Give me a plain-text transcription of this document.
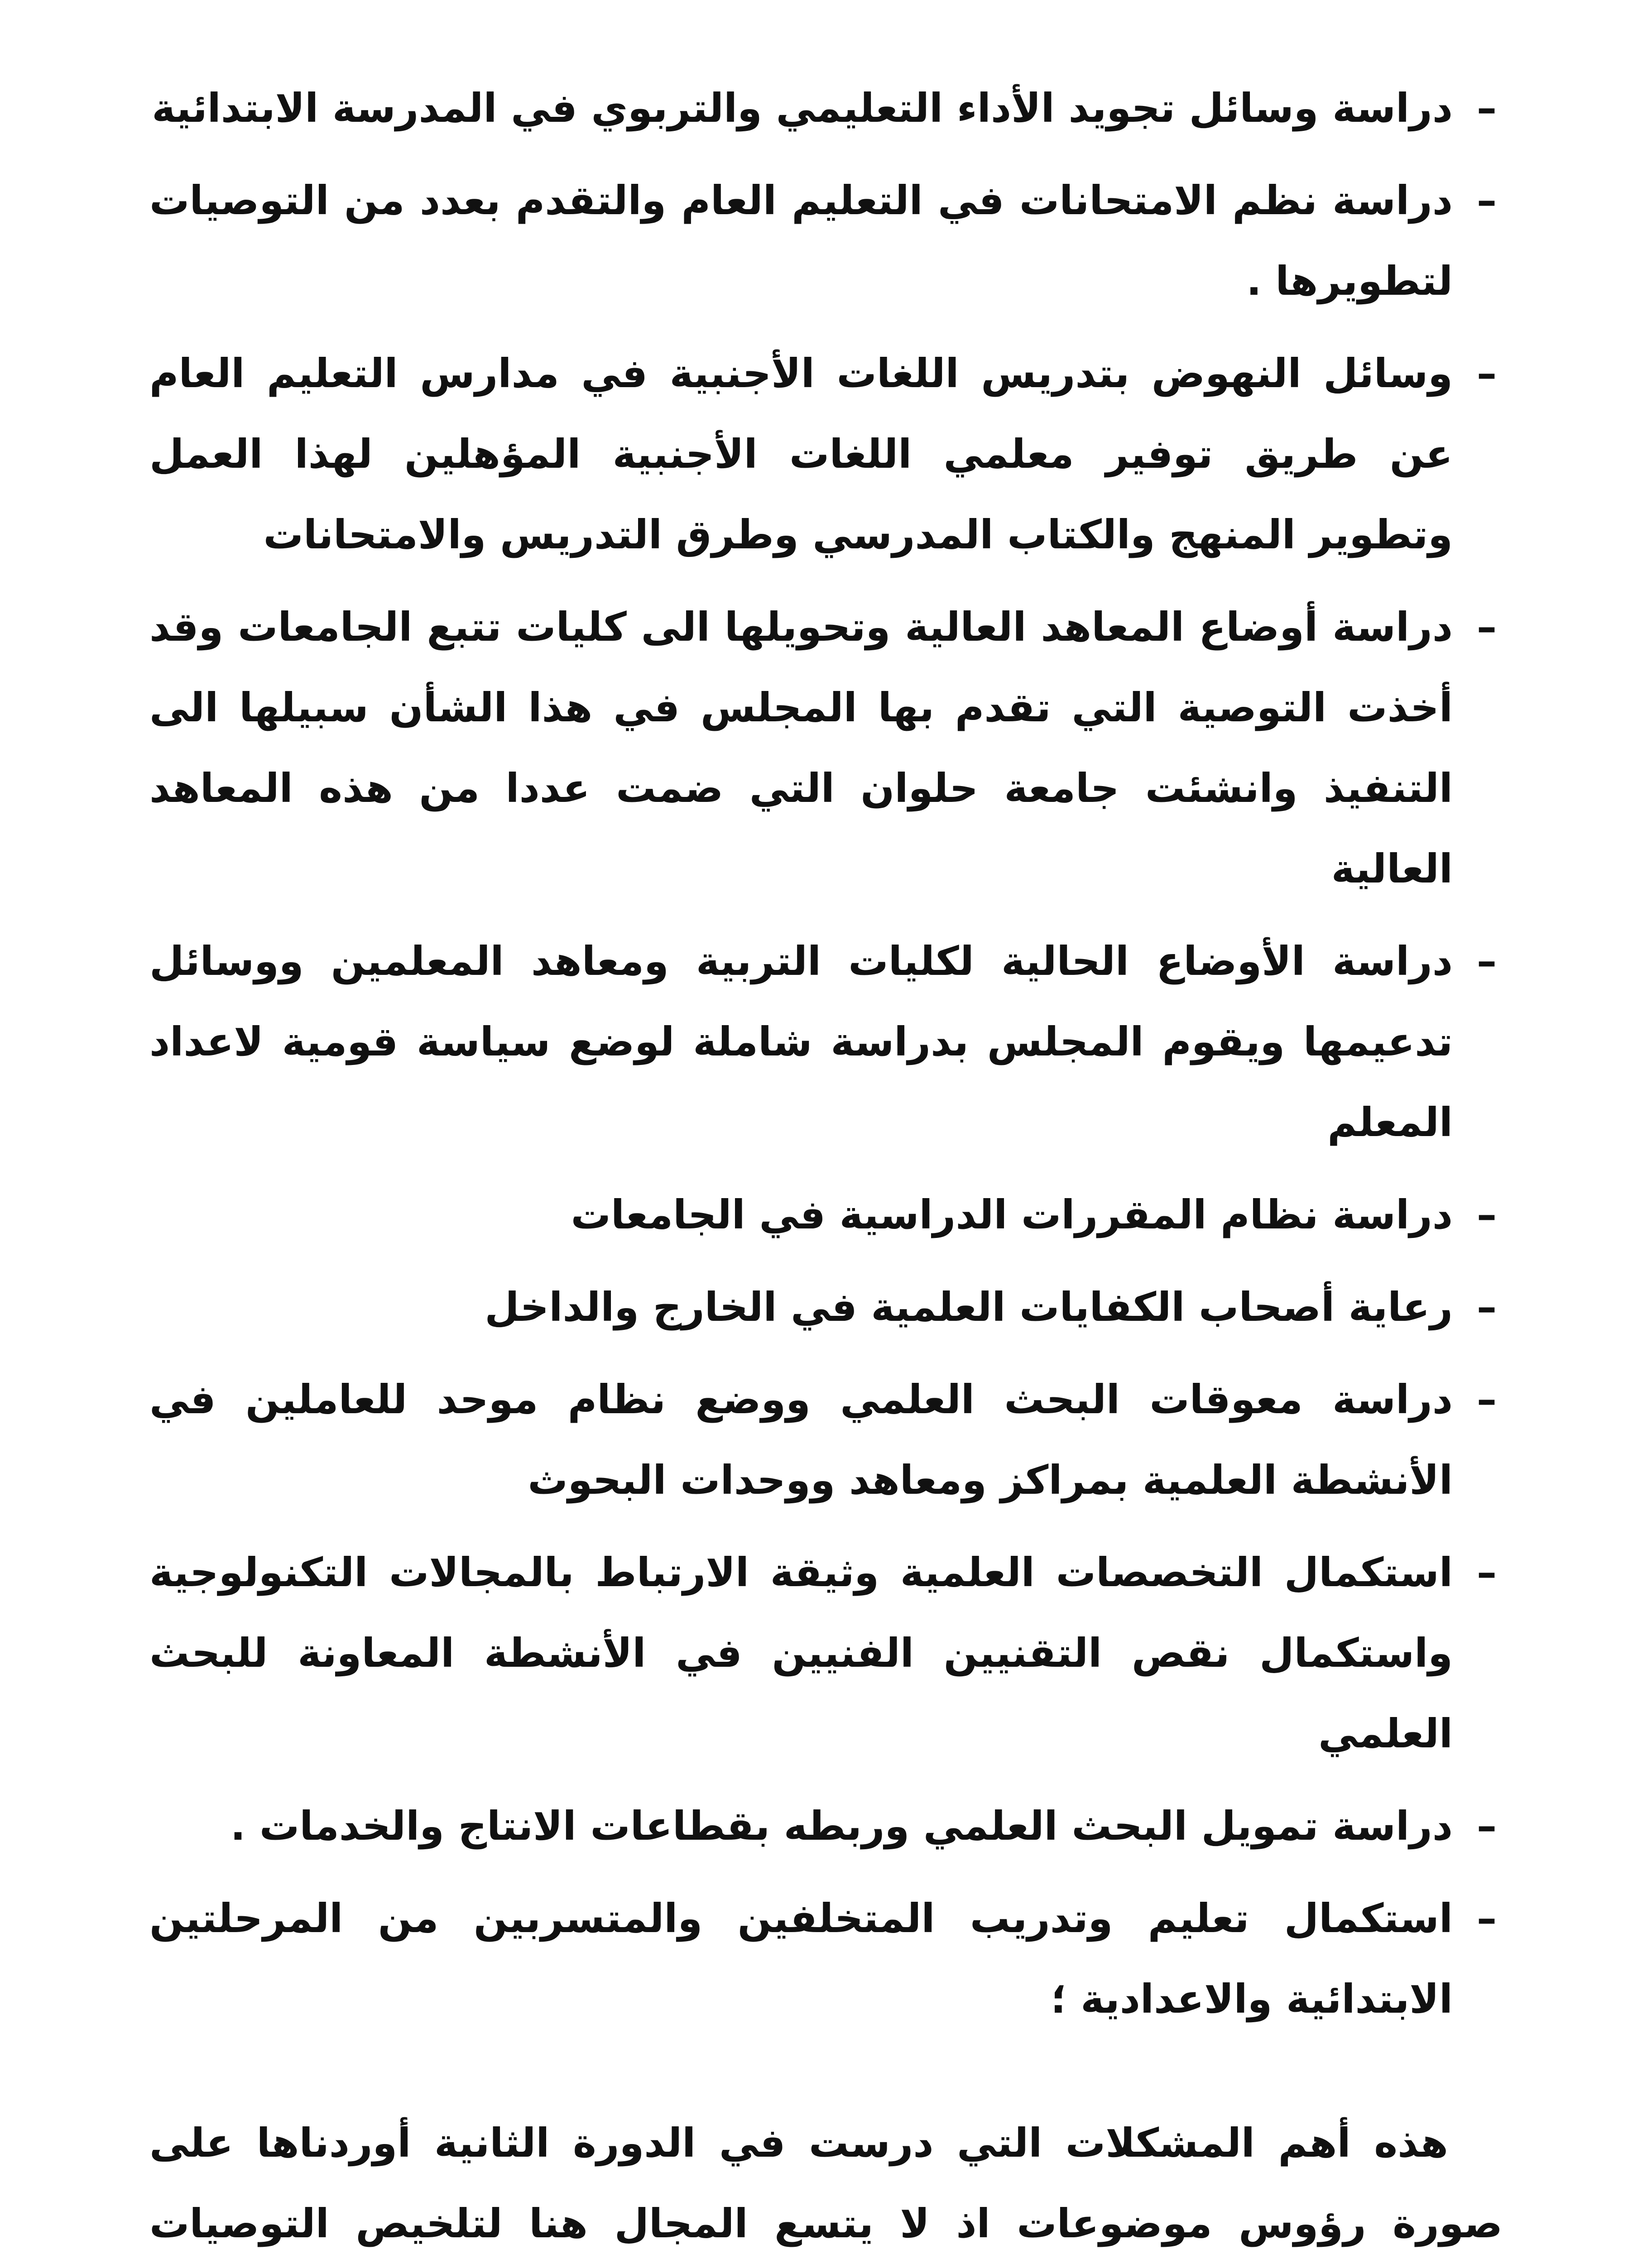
–
دراسة وسائل تجويد الأداء التعليمي والتربوي في المدرسة الابتدائية
–
دراسة نظم الامتحانات في التعليم العام والتقدم بعدد من التوصيات لتطويرها .
–
وسائل النهوض بتدريس اللغات الأجنبية في مدارس التعليم العام عن طريق توفير معلمي اللغات الأجنبية المؤهلين لهذا العمل وتطوير المنهج والكتاب المدرسي وطرق التدريس والامتحانات
–
دراسة أوضاع المعاهد العالية وتحويلها الى كليات تتبع الجامعات وقد أخذت التوصية التي تقدم بها المجلس في هذا الشأن سبيلها الى التنفيذ وانشئت جامعة حلوان التي ضمت عددا من هذه المعاهد العالية
–
دراسة الأوضاع الحالية لكليات التربية ومعاهد المعلمين ووسائل تدعيمها ويقوم المجلس بدراسة شاملة لوضع سياسة قومية لاعداد المعلم
–
دراسة نظام المقررات الدراسية في الجامعات
–
رعاية أصحاب الكفايات العلمية في الخارج والداخل
–
دراسة معوقات البحث العلمي ووضع نظام موحد للعاملين في الأنشطة العلمية بمراكز ومعاهد ووحدات البحوث
–
استكمال التخصصات العلمية وثيقة الارتباط بالمجالات التكنولوجية واستكمال نقص التقنيين الفنيين في الأنشطة المعاونة للبحث العلمي
–
دراسة تمويل البحث العلمي وربطه بقطاعات الانتاج والخدمات .
–
استكمال تعليم وتدريب المتخلفين والمتسربين من المرحلتين الابتدائية والاعدادية ؛

هذه أهم المشكلات التي درست في الدورة الثانية أوردناها على صورة رؤوس موضوعات اذ لا يتسع المجال هنا لتلخيص التوصيات
